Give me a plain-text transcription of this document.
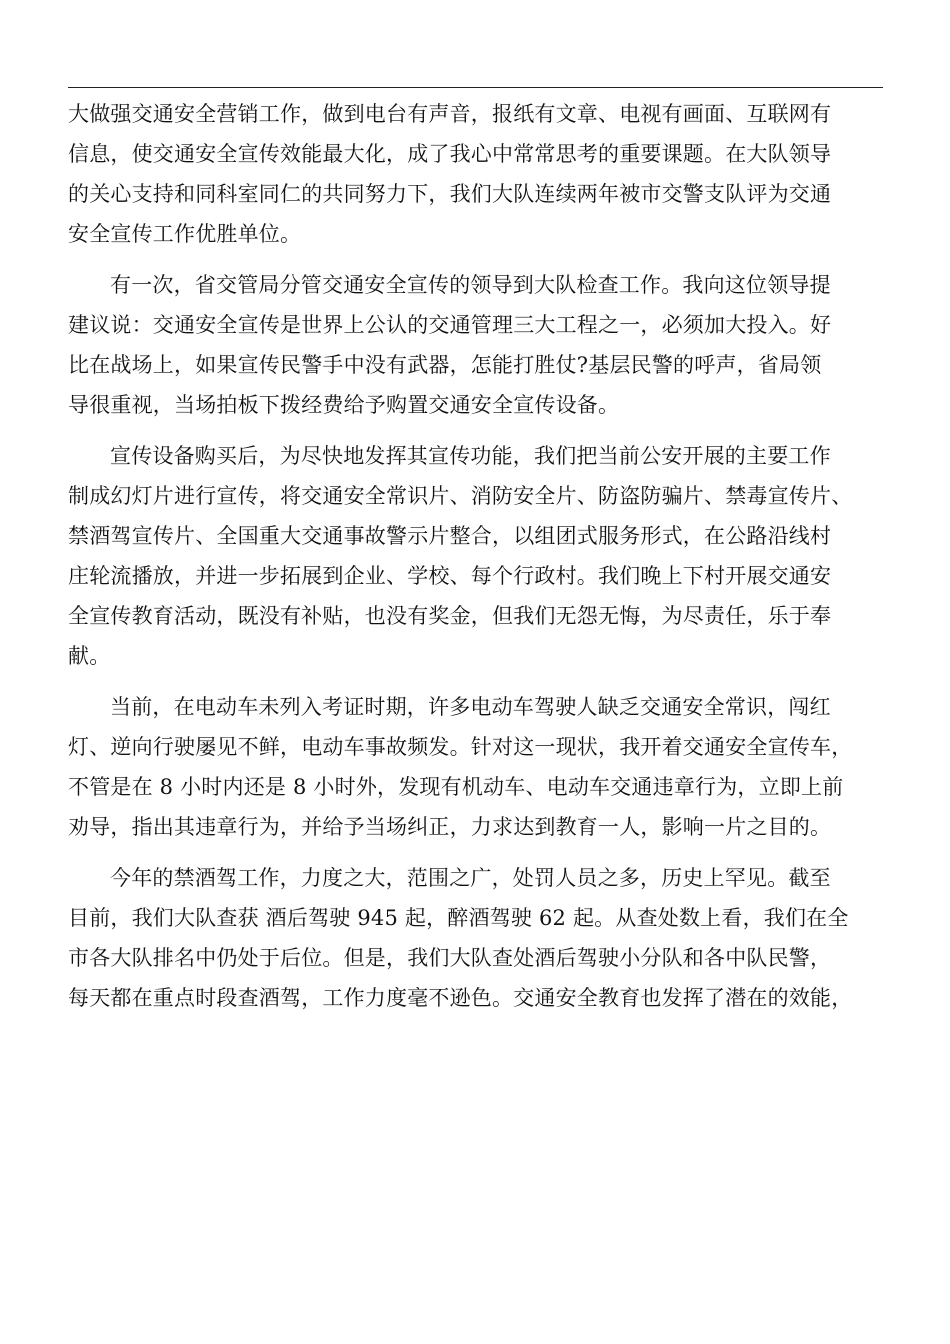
大做强交通安全营销工作，做到电台有声音，报纸有文章、电视有画面、互联网有
信息，使交通安全宣传效能最大化，成了我心中常常思考的重要课题。在大队领导
的关心支持和同科室同仁的共同努力下，我们大队连续两年被市交警支队评为交通
安全宣传工作优胜单位。

有一次，省交管局分管交通安全宣传的领导到大队检查工作。我向这位领导提
建议说：交通安全宣传是世界上公认的交通管理三大工程之一，必须加大投入。好
比在战场上，如果宣传民警手中没有武器，怎能打胜仗?基层民警的呼声，省局领
导很重视，当场拍板下拨经费给予购置交通安全宣传设备。

宣传设备购买后，为尽快地发挥其宣传功能，我们把当前公安开展的主要工作
制成幻灯片进行宣传，将交通安全常识片、消防安全片、防盗防骗片、禁毒宣传片、
禁酒驾宣传片、全国重大交通事故警示片整合，以组团式服务形式，在公路沿线村
庄轮流播放，并进一步拓展到企业、学校、每个行政村。我们晚上下村开展交通安
全宣传教育活动，既没有补贴，也没有奖金，但我们无怨无悔，为尽责任，乐于奉
献。

当前，在电动车未列入考证时期，许多电动车驾驶人缺乏交通安全常识，闯红
灯、逆向行驶屡见不鲜，电动车事故频发。针对这一现状，我开着交通安全宣传车，
不管是在 8 小时内还是 8 小时外，发现有机动车、电动车交通违章行为，立即上前
劝导，指出其违章行为，并给予当场纠正，力求达到教育一人，影响一片之目的。

今年的禁酒驾工作，力度之大，范围之广，处罚人员之多，历史上罕见。截至
目前，我们大队查获 酒后驾驶 945 起，醉酒驾驶 62 起。从查处数上看，我们在全
市各大队排名中仍处于后位。但是，我们大队查处酒后驾驶小分队和各中队民警，
每天都在重点时段查酒驾，工作力度毫不逊色。交通安全教育也发挥了潜在的效能，
